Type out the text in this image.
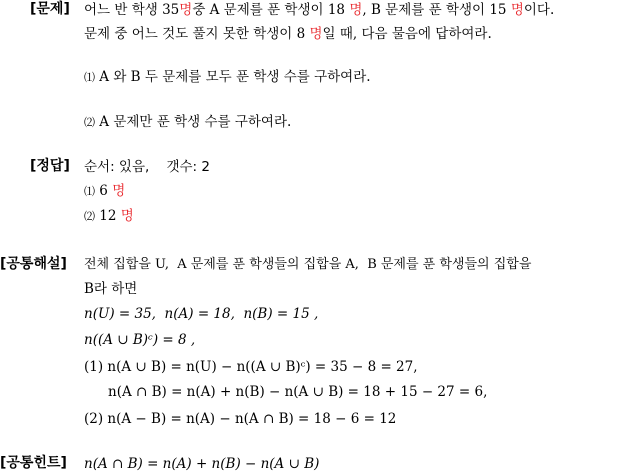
[문제] 어느 반 학생 35명중 A 문제를 푼 학생이 18 명, B 문제를 푼 학생이 15 명이다.
문제 중 어느 것도 풀지 못한 학생이 8 명일 때, 다음 물음에 답하여라.
⑴ A 와 B 두 문제를 모두 푼 학생 수를 구하여라.
⑵ A 문제만 푼 학생 수를 구하여라.
[정답] 순서: 있음,    갯수: 2
⑴ 6 명
⑵ 12 명
[공통해설] 전체 집합을 U,  A 문제를 푼 학생들의 집합을 A,  B 문제를 푼 학생들의 집합을
B라 하면
n(U) = 35,  n(A) = 18,  n(B) = 15 ,
n((A ∪ B)ᶜ) = 8 ,
(1) n(A ∪ B) = n(U) − n((A ∪ B)ᶜ) = 35 − 8 = 27,
n(A ∩ B) = n(A) + n(B) − n(A ∪ B) = 18 + 15 − 27 = 6,
(2) n(A − B) = n(A) − n(A ∩ B) = 18 − 6 = 12
[공통힌트] n(A ∩ B) = n(A) + n(B) − n(A ∪ B)
